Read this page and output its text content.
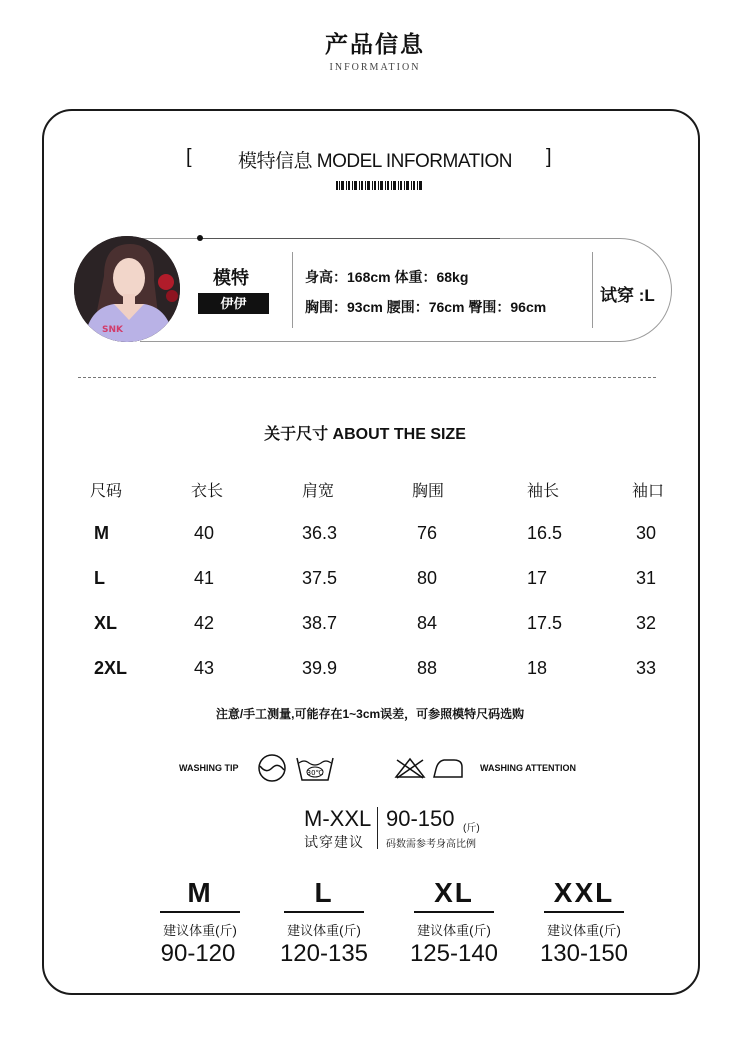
产品信息
INFORMATION
[	]
模特信息 MODEL INFORMATION
SNK
模特
伊伊
身高：168cm 体重：68kg
胸围：93cm 腰围：76cm 臀围：96cm
试穿 :L
关于尺寸 ABOUT THE SIZE
尺码	衣长	肩宽	胸围	袖长	袖口
M	40	36.3	76	16.5	30
L	41	37.5	80	17	31
XL	42	38.7	84	17.5	32
2XL	43	39.9	88	18	33
注意/手工测量,可能存在1~3cm误差，可参照模特尺码选购
WASHING TIP	30℃	WASHING ATTENTION
M-XXL
试穿建议
90-150 (斤)
码数需参考身高比例
M
建议体重(斤)
90-120
L
建议体重(斤)
120-135
XL
建议体重(斤)
125-140
XXL
建议体重(斤)
130-150
